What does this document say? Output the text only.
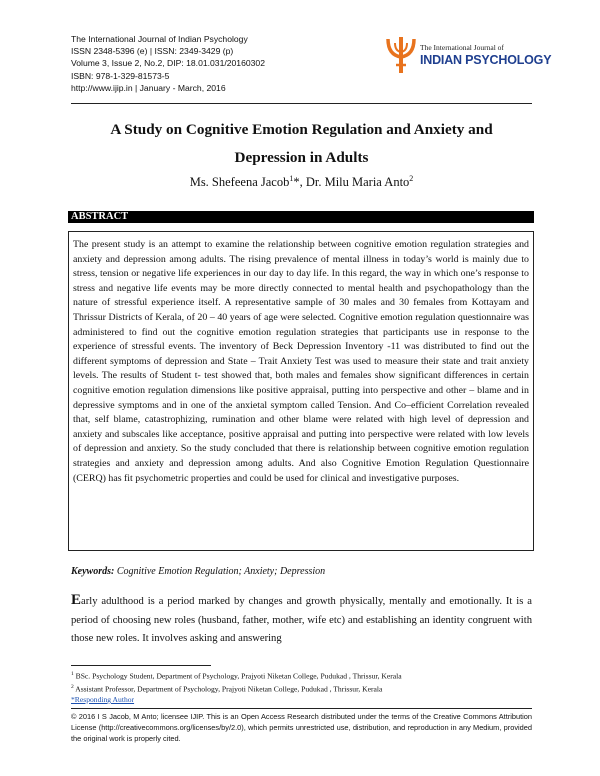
The International Journal of Indian Psychology
ISSN 2348-5396 (e) | ISSN: 2349-3429 (p)
Volume 3, Issue 2, No.2, DIP: 18.01.031/20160302
ISBN: 978-1-329-81573-5
http://www.ijip.in | January - March, 2016
The International Journal of
INDIAN PSYCHOLOGY
A Study on Cognitive Emotion Regulation and Anxiety and
Depression in Adults
Ms. Shefeena Jacob$^1$*, Dr. Milu Maria Anto$^2$
ABSTRACT
The present study is an attempt to examine the relationship between cognitive emotion regulation strategies and anxiety and depression among adults. The rising prevalence of mental illness in today’s world is mainly due to stress, tension or negative life experiences in our day to day life. In this regard, the way in which one’s response to stress and negative life events may be more directly connected to mental health and psychopathology than the nature of stressful experience itself. A representative sample of 30 males and 30 females from Kottayam and Thrissur Districts of Kerala, of 20 – 40 years of age were selected. Cognitive emotion regulation questionnaire was administered to find out the cognitive emotion regulation strategies that participants use in response to the experience of stressful events. The inventory of Beck Depression Inventory -11 was distributed to find out the different symptoms of depression and State – Trait Anxiety Test was used to measure their state and trait anxiety levels. The results of Student t- test showed that, both males and females show significant differences in certain cognitive emotion regulation dimensions like positive appraisal, putting into perspective and other – blame and in depressive symptoms and in one of the anxietal symptom called Tension. And Co–efficient Correlation revealed that, self blame, catastrophizing, rumination and other blame were related with high level of depression and anxiety and subscales like acceptance, positive appraisal and putting into perspective were related with low levels of depression and anxiety. So the study concluded that there is relationship between cognitive emotion regulation strategies and anxiety and depression among adults. And also Cognitive Emotion Regulation Questionnaire (CERQ) has fit psychometric properties and could be used for clinical and investigative purposes.
Keywords: Cognitive Emotion Regulation; Anxiety; Depression
Early adulthood is a period marked by changes and growth physically, mentally and emotionally. It is a period of choosing new roles (husband, father, mother, wife etc) and establishing an identity congruent with those new roles. It involves asking and answering
$^1$ BSc. Psychology Student, Department of Psychology, Prajyoti Niketan College, Pudukad , Thrissur, Kerala
$^2$ Assistant Professor, Department of Psychology, Prajyoti Niketan College, Pudukad , Thrissur, Kerala
*Responding Author
© 2016 I S Jacob, M Anto; licensee IJIP. This is an Open Access Research distributed under the terms of the Creative Commons Attribution License (http://creativecommons.org/licenses/by/2.0), which permits unrestricted use, distribution, and reproduction in any Medium, provided the original work is properly cited.
